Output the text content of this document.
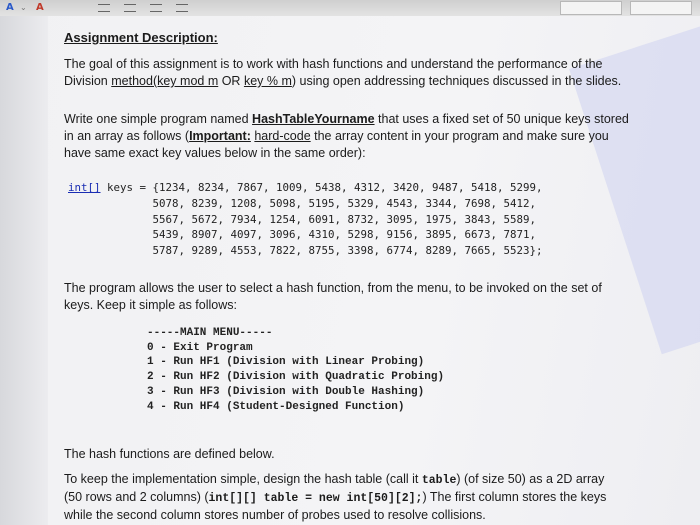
A ⌄ A
Assignment Description:
The goal of this assignment is to work with hash functions and understand the performance of the
Division method(key mod m OR key % m) using open addressing techniques discussed in the slides.
Write one simple program named HashTableYourname that uses a fixed set of 50 unique keys stored
in an array as follows (Important: hard-code the array content in your program and make sure you
have same exact key values below in the same order):
int[] keys = {1234, 8234, 7867, 1009, 5438, 4312, 3420, 9487, 5418, 5299,
5078, 8239, 1208, 5098, 5195, 5329, 4543, 3344, 7698, 5412,
5567, 5672, 7934, 1254, 6091, 8732, 3095, 1975, 3843, 5589,
5439, 8907, 4097, 3096, 4310, 5298, 9156, 3895, 6673, 7871,
5787, 9289, 4553, 7822, 8755, 3398, 6774, 8289, 7665, 5523};
The program allows the user to select a hash function, from the menu, to be invoked on the set of
keys. Keep it simple as follows:
-----MAIN MENU-----
0 - Exit Program
1 - Run HF1 (Division with Linear Probing)
2 - Run HF2 (Division with Quadratic Probing)
3 - Run HF3 (Division with Double Hashing)
4 - Run HF4 (Student-Designed Function)
The hash functions are defined below.
To keep the implementation simple, design the hash table (call it table) (of size 50) as a 2D array
(50 rows and 2 columns) (int[][] table = new int[50][2];) The first column stores the keys
while the second column stores number of probes used to resolve collisions.
